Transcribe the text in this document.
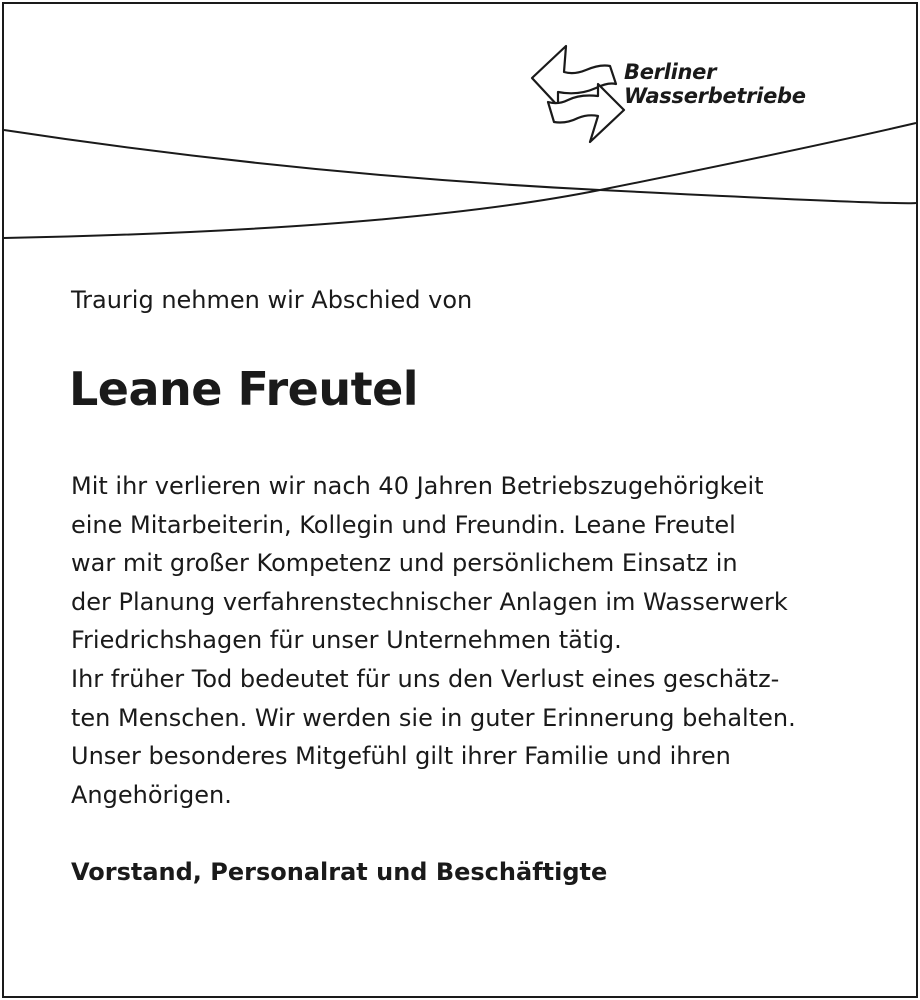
Berliner
Wasserbetriebe
Traurig nehmen wir Abschied von
Leane Freutel
Mit ihr verlieren wir nach 40 Jahren Betriebszugehörigkeit
eine Mitarbeiterin, Kollegin und Freundin. Leane Freutel
war mit großer Kompetenz und persönlichem Einsatz in
der Planung verfahrenstechnischer Anlagen im Wasserwerk
Friedrichshagen für unser Unternehmen tätig.
Ihr früher Tod bedeutet für uns den Verlust eines geschätz-
ten Menschen. Wir werden sie in guter Erinnerung behalten.
Unser besonderes Mitgefühl gilt ihrer Familie und ihren
Angehörigen.
Vorstand, Personalrat und Beschäftigte
